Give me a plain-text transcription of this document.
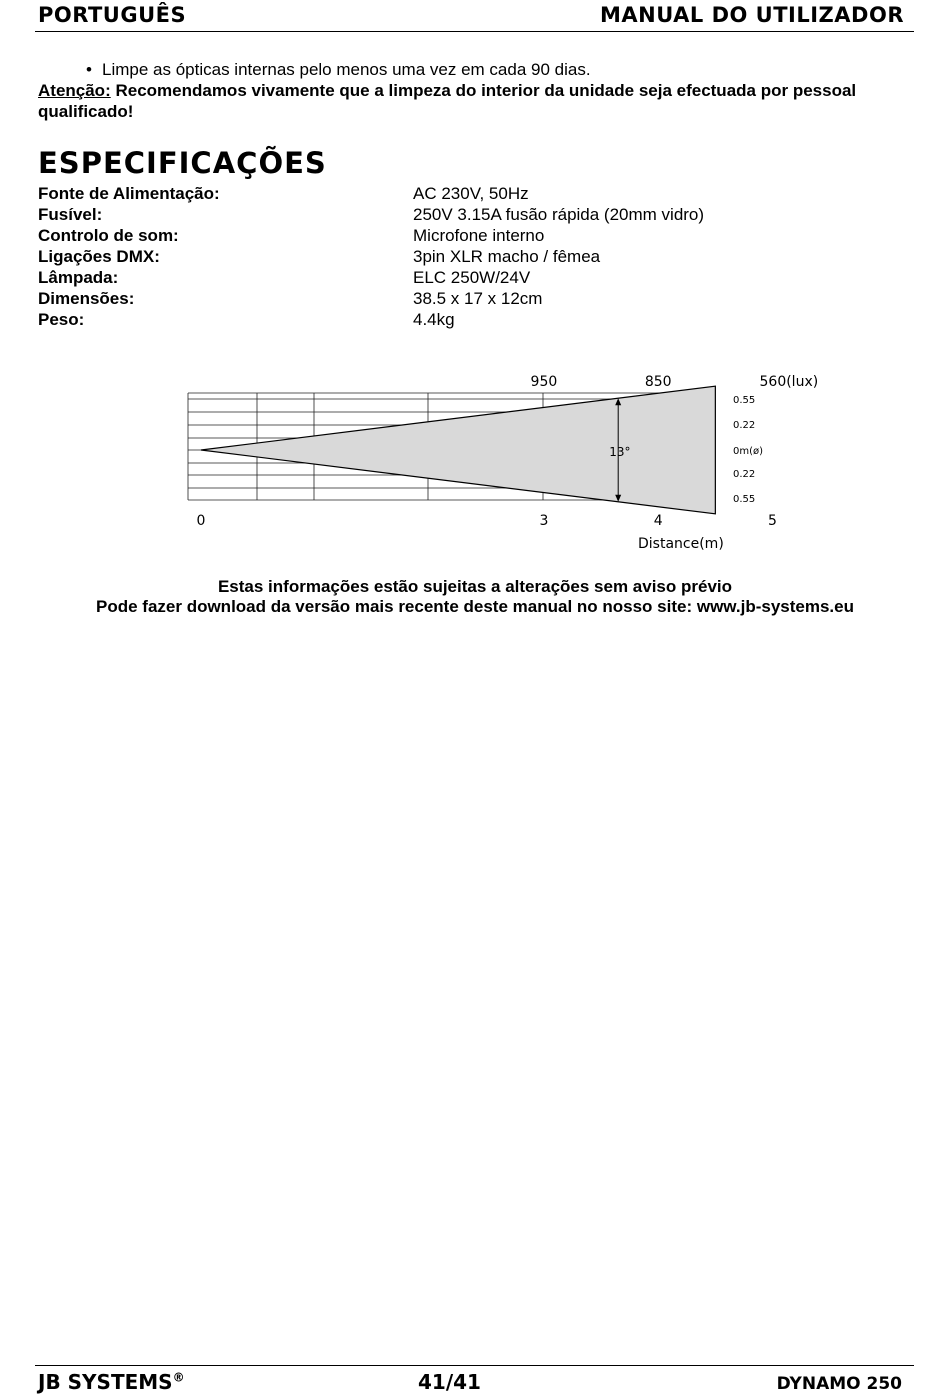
PORTUGUÊS	MANUAL DO UTILIZADOR
• Limpe as ópticas internas pelo menos uma vez em cada 90 dias.
Atenção: Recomendamos vivamente que a limpeza do interior da unidade seja efectuada por pessoal qualificado!
ESPECIFICAÇÕES
Fonte de Alimentação:	AC 230V, 50Hz
Fusível:	250V 3.15A fusão rápida (20mm vidro)
Controlo de som:	Microfone interno
Ligações DMX:	3pin XLR macho / fêmea
Lâmpada:	ELC 250W/24V
Dimensões:	38.5 x 17 x 12cm
Peso:	4.4kg
13°
950	850	560(lux)
0.55
0.22
0m(ø)
0.22
0.55
0	3	4	5
Distance(m)
Estas informações estão sujeitas a alterações sem aviso prévio
Pode fazer download da versão mais recente deste manual no nosso site: www.jb-systems.eu
JB SYSTEMS®	41/41	DYNAMO 250
